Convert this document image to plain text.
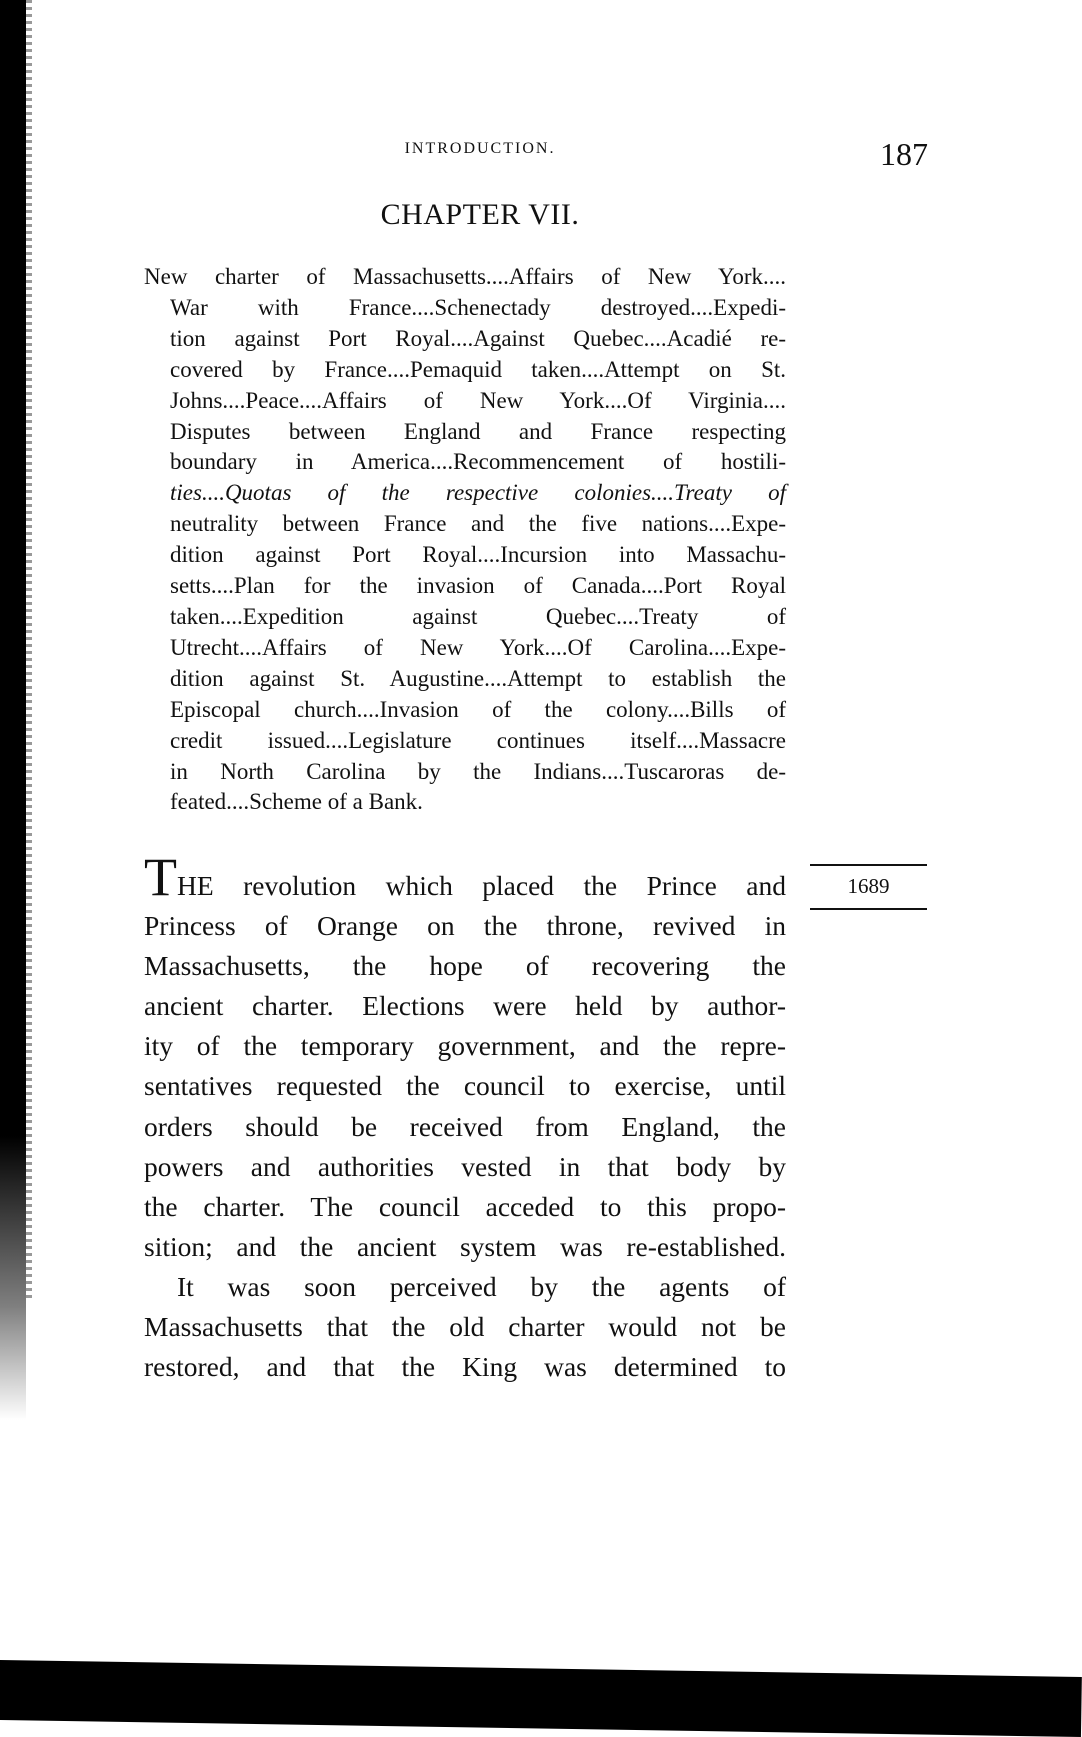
INTRODUCTION.	187
CHAPTER VII.
New charter of Massachusetts....Affairs of New York....
War with France....Schenectady destroyed....Expedi-
tion against Port Royal....Against Quebec....Acadié re-
covered by France....Pemaquid taken....Attempt on St.
Johns....Peace....Affairs of New York....Of Virginia....
Disputes between England and France respecting
boundary in America....Recommencement of hostili-
ties....Quotas of the respective colonies....Treaty of
neutrality between France and the five nations....Expe-
dition against Port Royal....Incursion into Massachu-
setts....Plan for the invasion of Canada....Port Royal
taken....Expedition against Quebec....Treaty of
Utrecht....Affairs of New York....Of Carolina....Expe-
dition against St. Augustine....Attempt to establish the
Episcopal church....Invasion of the colony....Bills of
credit issued....Legislature continues itself....Massacre
in North Carolina by the Indians....Tuscaroras de-
feated....Scheme of a Bank.
1689
THE revolution which placed the Prince and
Princess of Orange on the throne, revived in
Massachusetts, the hope of recovering the
ancient charter. Elections were held by author-
ity of the temporary government, and the repre-
sentatives requested the council to exercise, until
orders should be received from England, the
powers and authorities vested in that body by
the charter. The council acceded to this propo-
sition; and the ancient system was re-established.
It was soon perceived by the agents of
Massachusetts that the old charter would not be
restored, and that the King was determined to
